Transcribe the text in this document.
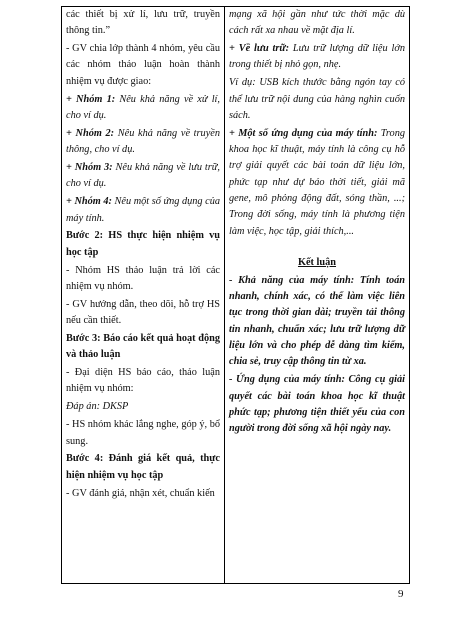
các thiết bị xử lí, lưu trữ, truyền thông tin.”

- GV chia lớp thành 4 nhóm, yêu cầu các nhóm thảo luận hoàn thành nhiệm vụ được giao:

+ Nhóm 1: Nêu khả năng về xử lí, cho ví dụ.

+ Nhóm 2: Nêu khả năng về truyền thông, cho ví dụ.

+ Nhóm 3: Nêu khả năng về lưu trữ, cho ví dụ.

+ Nhóm 4: Nêu một số ứng dụng của máy tính.

Bước 2: HS thực hiện nhiệm vụ học tập

- Nhóm HS thảo luận trả lời các nhiệm vụ nhóm.

- GV hướng dẫn, theo dõi, hỗ trợ HS nếu cần thiết.

Bước 3: Báo cáo kết quả hoạt động và thảo luận

- Đại diện HS báo cáo, thảo luận nhiệm vụ nhóm:

Đáp án: DKSP

- HS nhóm khác lắng nghe, góp ý, bổ sung.

Bước 4: Đánh giá kết quả, thực hiện nhiệm vụ học tập

- GV đánh giá, nhận xét, chuẩn kiến

mạng xã hội gần như tức thời mặc dù cách rất xa nhau về mặt địa lí.

+ Về lưu trữ: Lưu trữ lượng dữ liệu lớn trong thiết bị nhỏ gọn, nhẹ.

Ví dụ: USB kích thước bằng ngón tay có thể lưu trữ nội dung của hàng nghìn cuốn sách.

+ Một số ứng dụng của máy tính: Trong khoa học kĩ thuật, máy tính là công cụ hỗ trợ giải quyết các bài toán dữ liệu lớn, phức tạp như dự báo thời tiết, giải mã gene, mô phỏng động đất, sóng thần, ...; Trong đời sống, máy tính là phương tiện làm việc, học tập, giải thích,...

Kết luận

- Khả năng của máy tính: Tính toán nhanh, chính xác, có thể làm việc liên tục trong thời gian dài; truyền tải thông tin nhanh, chuẩn xác; lưu trữ lượng dữ liệu lớn và cho phép dễ dàng tìm kiếm, chia sẻ, truy cập thông tin từ xa.

- Ứng dụng của máy tính: Công cụ giải quyết các bài toán khoa học kĩ thuật phức tạp; phương tiện thiết yếu của con người trong đời sống xã hội ngày nay.

9
